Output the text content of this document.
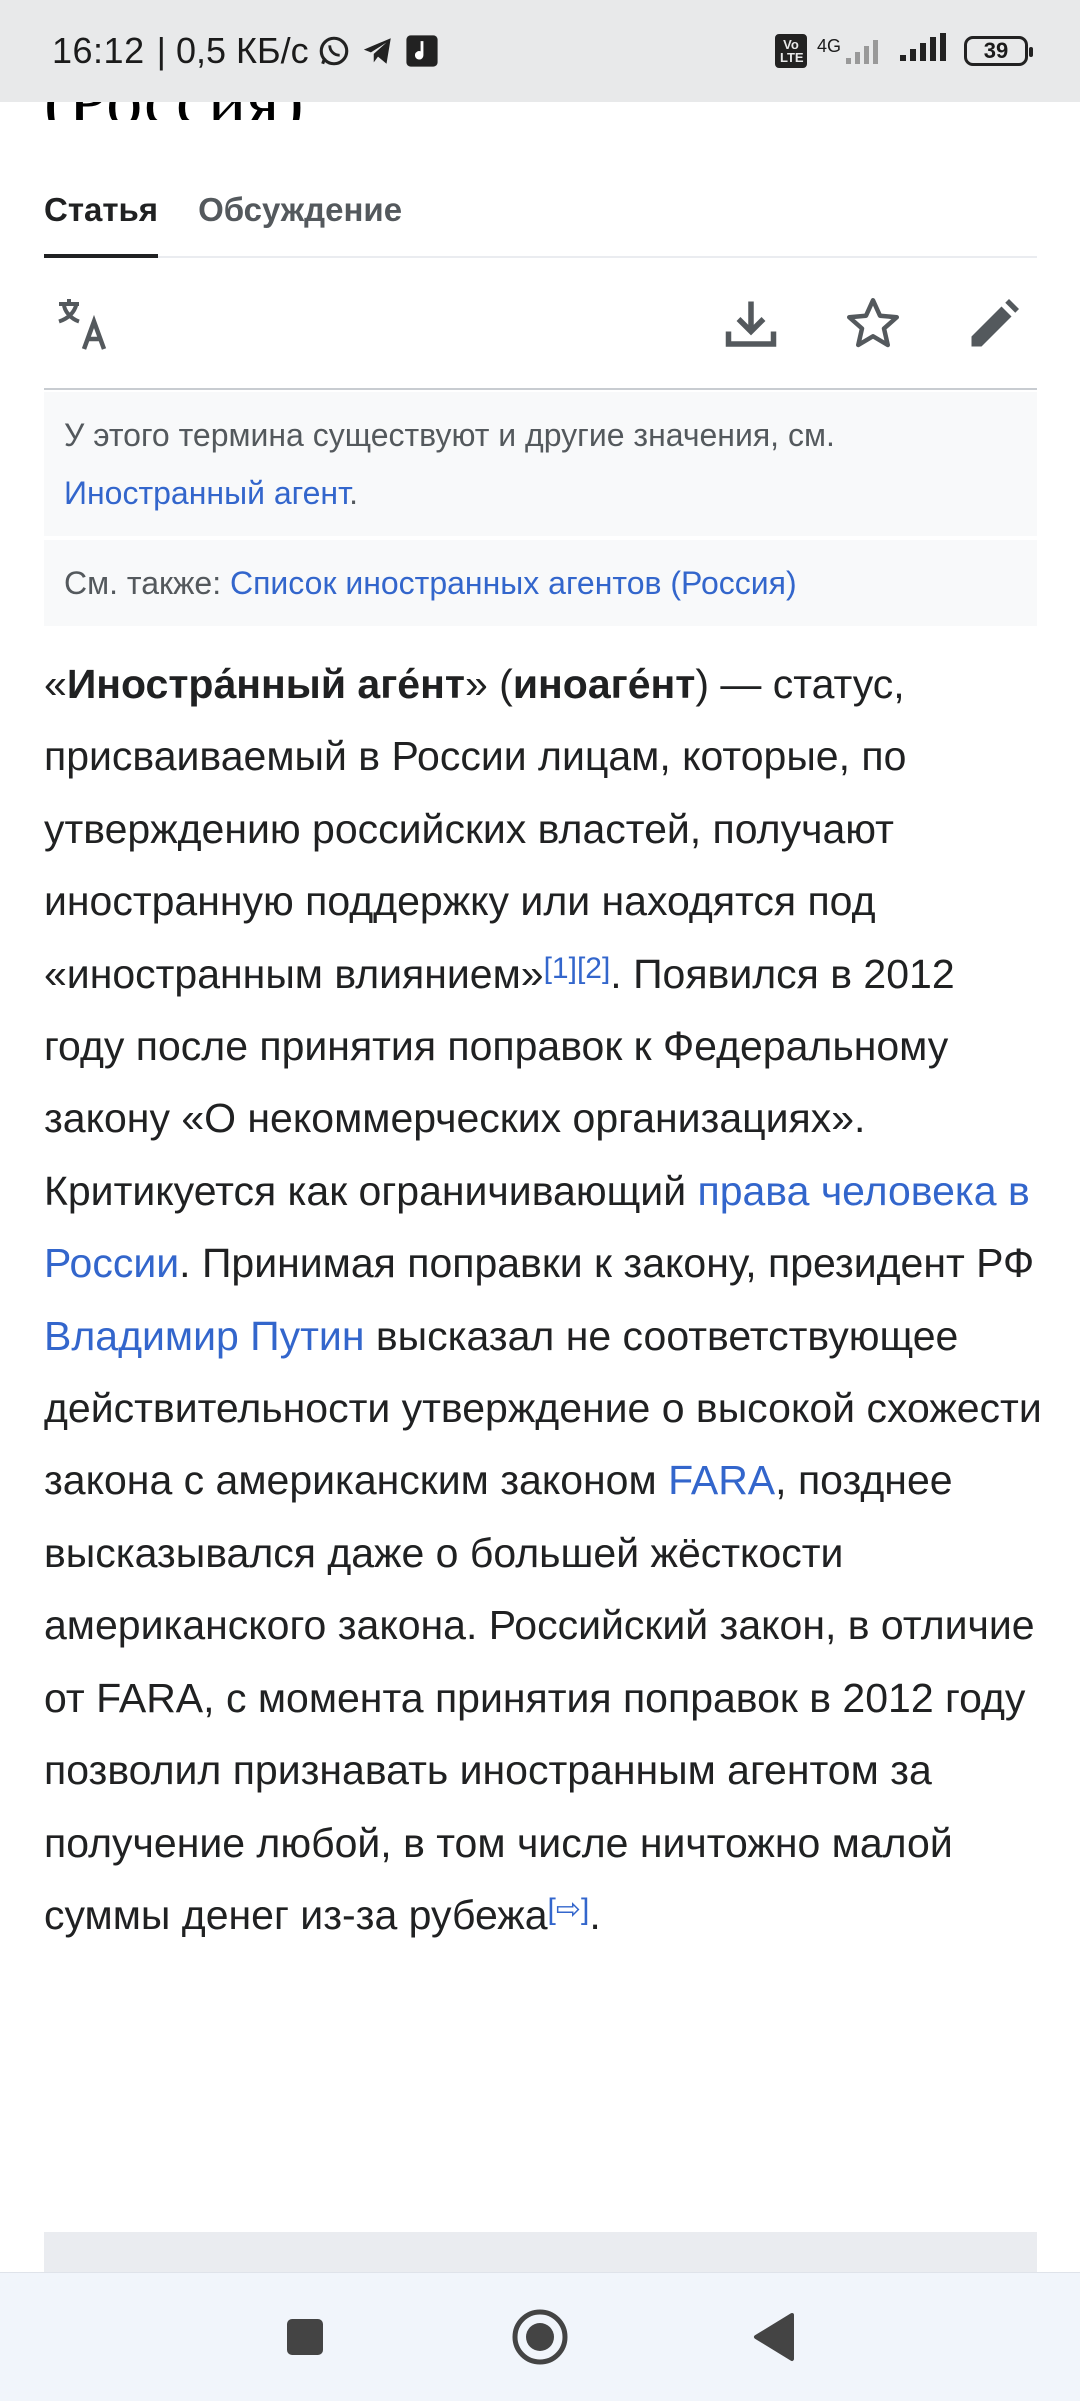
16:12 | 0,5 КБ/с	Vo LTE
4G	39
Статья Обсуждение
У этого термина существуют и другие значения, см.
Иностранный агент.
См. также: Список иностранных агентов (Россия)
«Иностра́нный аге́нт» (иноаге́нт) — статус, присваиваемый в России лицам, которые, по утверждению российских властей, получают иностранную поддержку или находятся под «иностранным влиянием»[1][2]. Появился в 2012 году после принятия поправок к Федеральному закону «О некоммерческих организациях». Критикуется как ограничивающий права человека в России. Принимая поправки к закону, президент РФ Владимир Путин высказал не соответствующее действительности утверждение о высокой схожести закона с американским законом FARA, позднее высказывался даже о большей жёсткости американского закона. Российский закон, в отличие от FARA, с момента принятия поправок в 2012 году позволил признавать иностранным агентом за получение любой, в том числе ничтожно малой суммы денег из-за рубежа[⇨].
